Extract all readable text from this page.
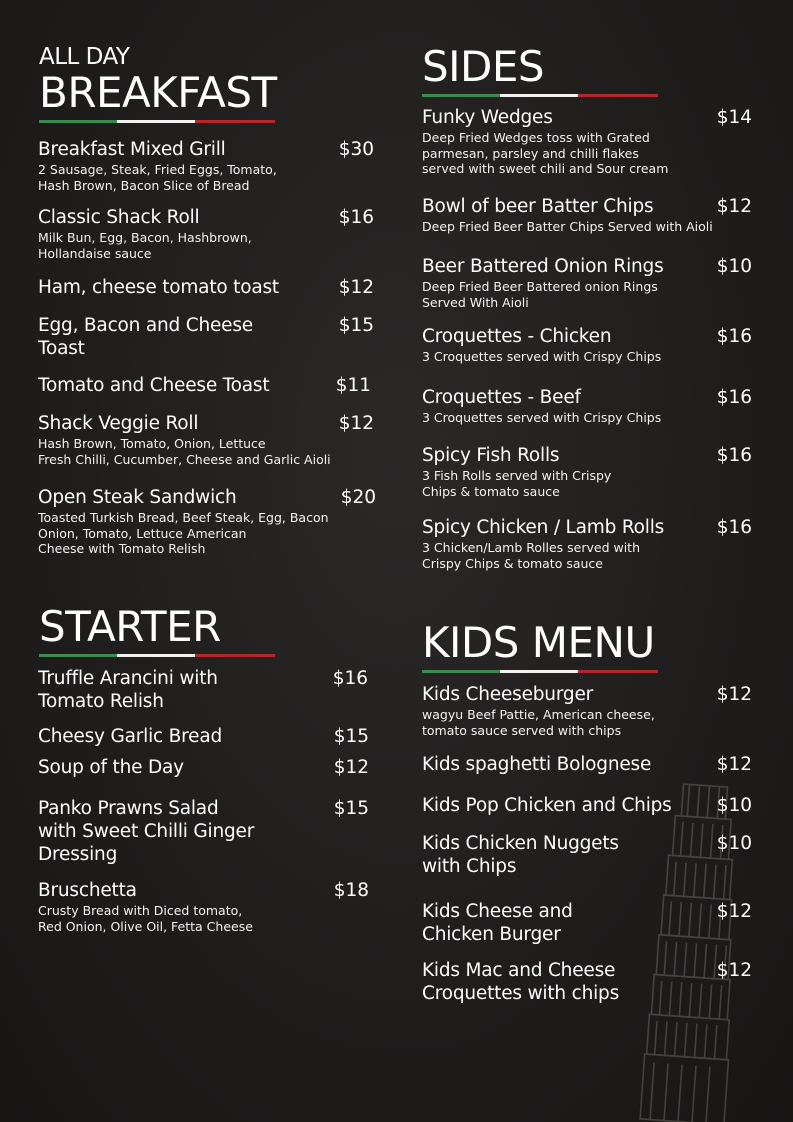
ALL DAY
BREAKFAST
Breakfast Mixed Grill	$30
2 Sausage, Steak, Fried Eggs, Tomato,
Hash Brown, Bacon Slice of Bread
Classic Shack Roll	$16
Milk Bun, Egg, Bacon, Hashbrown,
Hollandaise sauce
Ham, cheese tomato toast	$12
Egg, Bacon and Cheese
Toast
$15
Tomato and Cheese Toast	$11
Shack Veggie Roll	$12
Hash Brown, Tomato, Onion, Lettuce
Fresh Chilli, Cucumber, Cheese and Garlic Aioli
Open Steak Sandwich	$20
Toasted Turkish Bread, Beef Steak, Egg, Bacon
Onion, Tomato, Lettuce American
Cheese with Tomato Relish
STARTER
Truffle Arancini with
Tomato Relish
$16
Cheesy Garlic Bread	$15
Soup of the Day	$12
Panko Prawns Salad
with Sweet Chilli Ginger
Dressing
$15
Bruschetta	$18
Crusty Bread with Diced tomato,
Red Onion, Olive Oil, Fetta Cheese
SIDES
Funky Wedges	$14
Deep Fried Wedges toss with Grated
parmesan, parsley and chilli flakes
served with sweet chili and Sour cream
Bowl of beer Batter Chips	$12
Deep Fried Beer Batter Chips Served with Aioli
Beer Battered Onion Rings	$10
Deep Fried Beer Battered onion Rings
Served With Aioli
Croquettes - Chicken	$16
3 Croquettes served with Crispy Chips
Croquettes - Beef	$16
3 Croquettes served with Crispy Chips
Spicy Fish Rolls	$16
3 Fish Rolls served with Crispy
Chips & tomato sauce
Spicy Chicken / Lamb Rolls	$16
3 Chicken/Lamb Rolles served with
Crispy Chips & tomato sauce
KIDS MENU
Kids Cheeseburger	$12
wagyu Beef Pattie, American cheese,
tomato sauce served with chips
Kids spaghetti Bolognese	$12
Kids Pop Chicken and Chips	$10
Kids Chicken Nuggets
with Chips
$10
Kids Cheese and
Chicken Burger
$12
Kids Mac and Cheese
Croquettes with chips
$12
